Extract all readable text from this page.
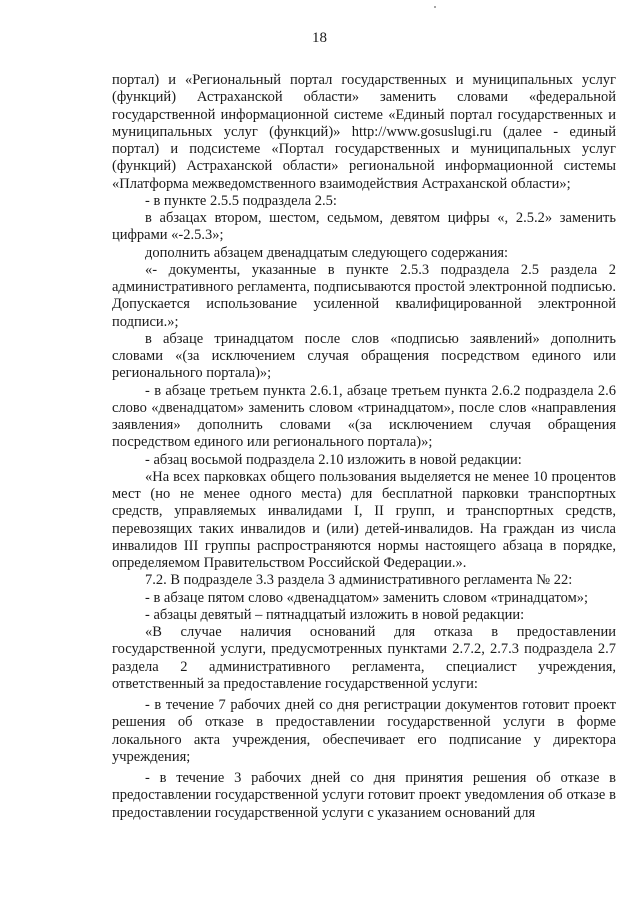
18

портал) и «Региональный портал государственных и муниципальных услуг (функций) Астраханской области» заменить словами «федеральной государственной информационной системе «Единый портал государственных и муниципальных услуг (функций)» http://www.gosuslugi.ru (далее - единый портал) и подсистеме «Портал государственных и муниципальных услуг (функций) Астраханской области» региональной информационной системы «Платформа межведомственного взаимодействия Астраханской области»;

- в пункте 2.5.5 подраздела 2.5:

в абзацах втором, шестом, седьмом, девятом цифры «, 2.5.2» заменить цифрами «-2.5.3»;

дополнить абзацем двенадцатым следующего содержания:

«- документы, указанные в пункте 2.5.3 подраздела 2.5 раздела 2 административного регламента, подписываются простой электронной подписью. Допускается использование усиленной квалифицированной электронной подписи.»;

в абзаце тринадцатом после слов «подписью заявлений» дополнить словами «(за исключением случая обращения посредством единого или регионального портала)»;

- в абзаце третьем пункта 2.6.1, абзаце третьем пункта 2.6.2 подраздела 2.6 слово «двенадцатом» заменить словом «тринадцатом», после слов «направления заявления» дополнить словами «(за исключением случая обращения посредством единого или регионального портала)»;

- абзац восьмой подраздела 2.10 изложить в новой редакции:

«На всех парковках общего пользования выделяется не менее 10 процентов мест (но не менее одного места) для бесплатной парковки транспортных средств, управляемых инвалидами I, II групп, и транспортных средств, перевозящих таких инвалидов и (или) детей-инвалидов. На граждан из числа инвалидов III группы распространяются нормы настоящего абзаца в порядке, определяемом Правительством Российской Федерации.».

7.2. В подразделе 3.3 раздела 3 административного регламента № 22:

- в абзаце пятом слово «двенадцатом» заменить словом «тринадцатом»;

- абзацы девятый – пятнадцатый изложить в новой редакции:

«В случае наличия оснований для отказа в предоставлении государственной услуги, предусмотренных пунктами 2.7.2, 2.7.3 подраздела 2.7 раздела 2 административного регламента, специалист учреждения, ответственный за предоставление государственной услуги:

- в течение 7 рабочих дней со дня регистрации документов готовит проект решения об отказе в предоставлении государственной услуги в форме локального акта учреждения, обеспечивает его подписание у директора учреждения;

- в течение 3 рабочих дней со дня принятия решения об отказе в предоставлении государственной услуги готовит проект уведомления об отказе в предоставлении государственной услуги с указанием оснований для
